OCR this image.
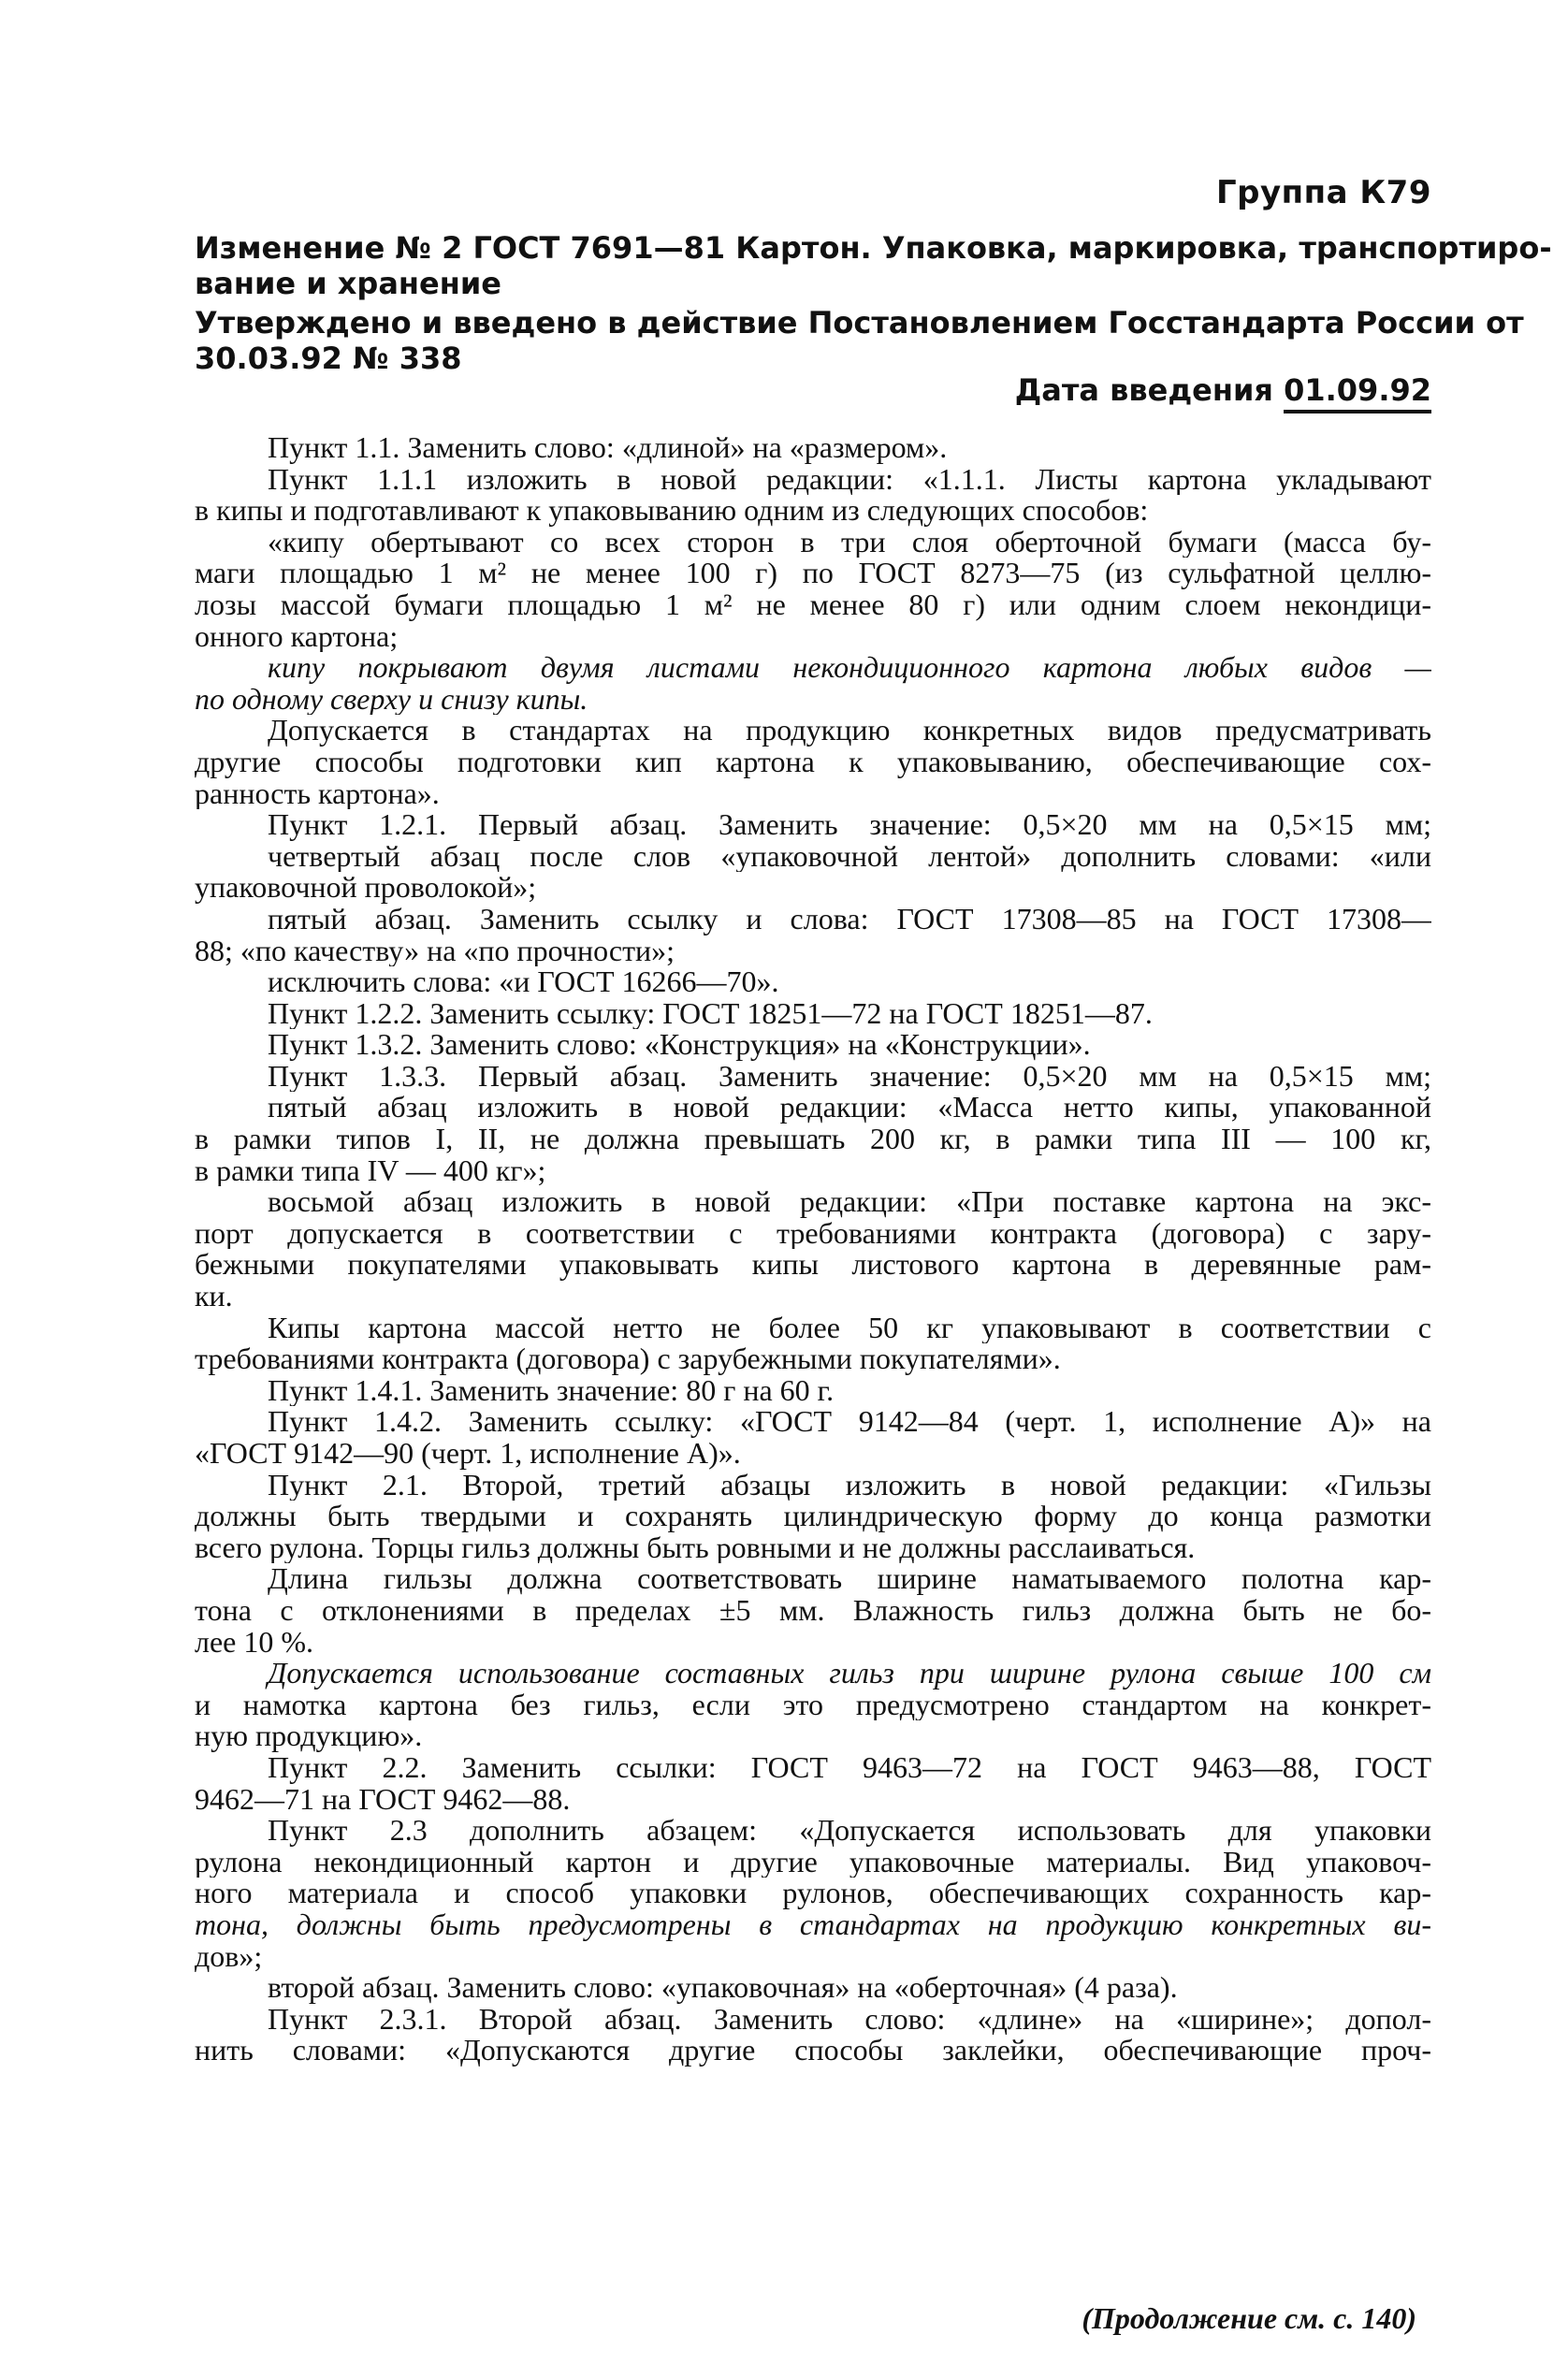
Группа К79
Изменение № 2 ГОСТ 7691—81 Картон. Упаковка, маркировка, транспортиро-
вание и хранение
Утверждено и введено в действие Постановлением Госстандарта России от
30.03.92 № 338
Дата введения 01.09.92
Пункт 1.1. Заменить слово: «длиной» на «размером».
Пункт 1.1.1 изложить в новой редакции: «1.1.1. Листы картона укладывают
в кипы и подготавливают к упаковыванию одним из следующих способов:
«кипу обертывают со всех сторон в три слоя оберточной бумаги (масса бу-
маги площадью 1 м² не менее 100 г) по ГОСТ 8273—75 (из сульфатной целлю-
лозы массой бумаги площадью 1 м² не менее 80 г) или одним слоем некондици-
онного картона;
кипу покрывают двумя листами некондиционного картона любых видов —
по одному сверху и снизу кипы.
Допускается в стандартах на продукцию конкретных видов предусматривать
другие способы подготовки кип картона к упаковыванию, обеспечивающие сох-
ранность картона».
Пункт 1.2.1. Первый абзац. Заменить значение: 0,5×20 мм на 0,5×15 мм;
четвертый абзац после слов «упаковочной лентой» дополнить словами: «или
упаковочной проволокой»;
пятый абзац. Заменить ссылку и слова: ГОСТ 17308—85 на ГОСТ 17308—
88; «по качеству» на «по прочности»;
исключить слова: «и ГОСТ 16266—70».
Пункт 1.2.2. Заменить ссылку: ГОСТ 18251—72 на ГОСТ 18251—87.
Пункт 1.3.2. Заменить слово: «Конструкция» на «Конструкции».
Пункт 1.3.3. Первый абзац. Заменить значение: 0,5×20 мм на 0,5×15 мм;
пятый абзац изложить в новой редакции: «Масса нетто кипы, упакованной
в рамки типов I, II, не должна превышать 200 кг, в рамки типа III — 100 кг,
в рамки типа IV — 400 кг»;
восьмой абзац изложить в новой редакции: «При поставке картона на экс-
порт допускается в соответствии с требованиями контракта (договора) с зару-
бежными покупателями упаковывать кипы листового картона в деревянные рам-
ки.
Кипы картона массой нетто не более 50 кг упаковывают в соответствии с
требованиями контракта (договора) с зарубежными покупателями».
Пункт 1.4.1. Заменить значение: 80 г на 60 г.
Пункт 1.4.2. Заменить ссылку: «ГОСТ 9142—84 (черт. 1, исполнение А)» на
«ГОСТ 9142—90 (черт. 1, исполнение А)».
Пункт 2.1. Второй, третий абзацы изложить в новой редакции: «Гильзы
должны быть твердыми и сохранять цилиндрическую форму до конца размотки
всего рулона. Торцы гильз должны быть ровными и не должны расслаиваться.
Длина гильзы должна соответствовать ширине наматываемого полотна кар-
тона с отклонениями в пределах ±5 мм. Влажность гильз должна быть не бо-
лее 10 %.
Допускается использование составных гильз при ширине рулона свыше 100 см
и намотка картона без гильз, если это предусмотрено стандартом на конкрет-
ную продукцию».
Пункт 2.2. Заменить ссылки: ГОСТ 9463—72 на ГОСТ 9463—88, ГОСТ
9462—71 на ГОСТ 9462—88.
Пункт 2.3 дополнить абзацем: «Допускается использовать для упаковки
рулона некондиционный картон и другие упаковочные материалы. Вид упаковоч-
ного материала и способ упаковки рулонов, обеспечивающих сохранность кар-
тона, должны быть предусмотрены в стандартах на продукцию конкретных ви-
дов»;
второй абзац. Заменить слово: «упаковочная» на «оберточная» (4 раза).
Пункт 2.3.1. Второй абзац. Заменить слово: «длине» на «ширине»; допол-
нить словами: «Допускаются другие способы заклейки, обеспечивающие проч-
(Продолжение см. с. 140)
